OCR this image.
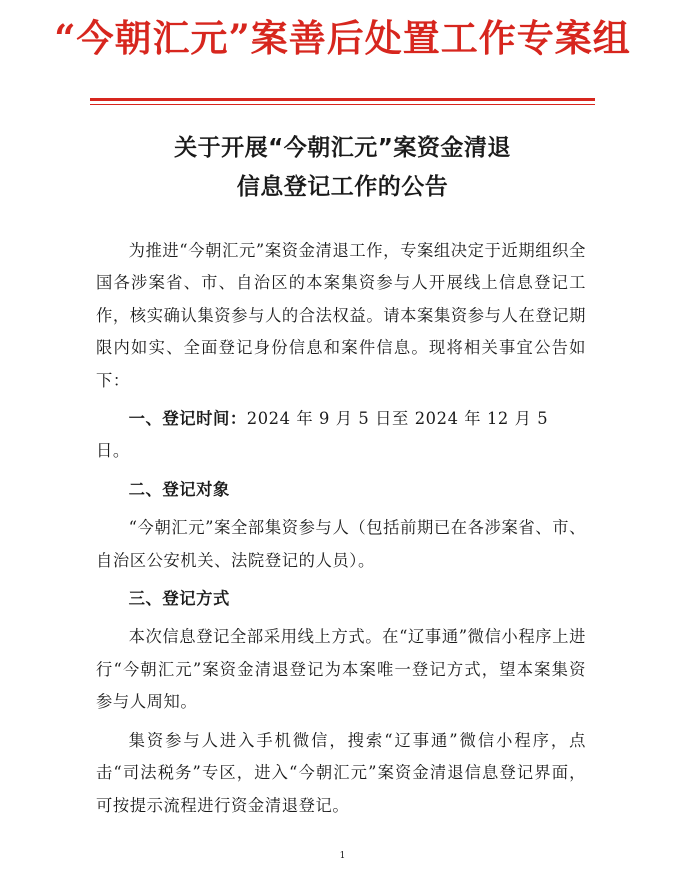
“今朝汇元”案善后处置工作专案组
关于开展“今朝汇元”案资金清退
信息登记工作的公告

为推进“今朝汇元”案资金清退工作，专案组决定于近期组织全国各涉案省、市、自治区的本案集资参与人开展线上信息登记工作，核实确认集资参与人的合法权益。请本案集资参与人在登记期限内如实、全面登记身份信息和案件信息。现将相关事宜公告如下：

一、登记时间：2024 年 9 月 5 日至 2024 年 12 月 5 日。

二、登记对象

“今朝汇元”案全部集资参与人（包括前期已在各涉案省、市、自治区公安机关、法院登记的人员）。

三、登记方式

本次信息登记全部采用线上方式。在“辽事通”微信小程序上进行“今朝汇元”案资金清退登记为本案唯一登记方式，望本案集资参与人周知。

集资参与人进入手机微信，搜索“辽事通”微信小程序，点击“司法税务”专区，进入“今朝汇元”案资金清退信息登记界面，可按提示流程进行资金清退登记。

1
